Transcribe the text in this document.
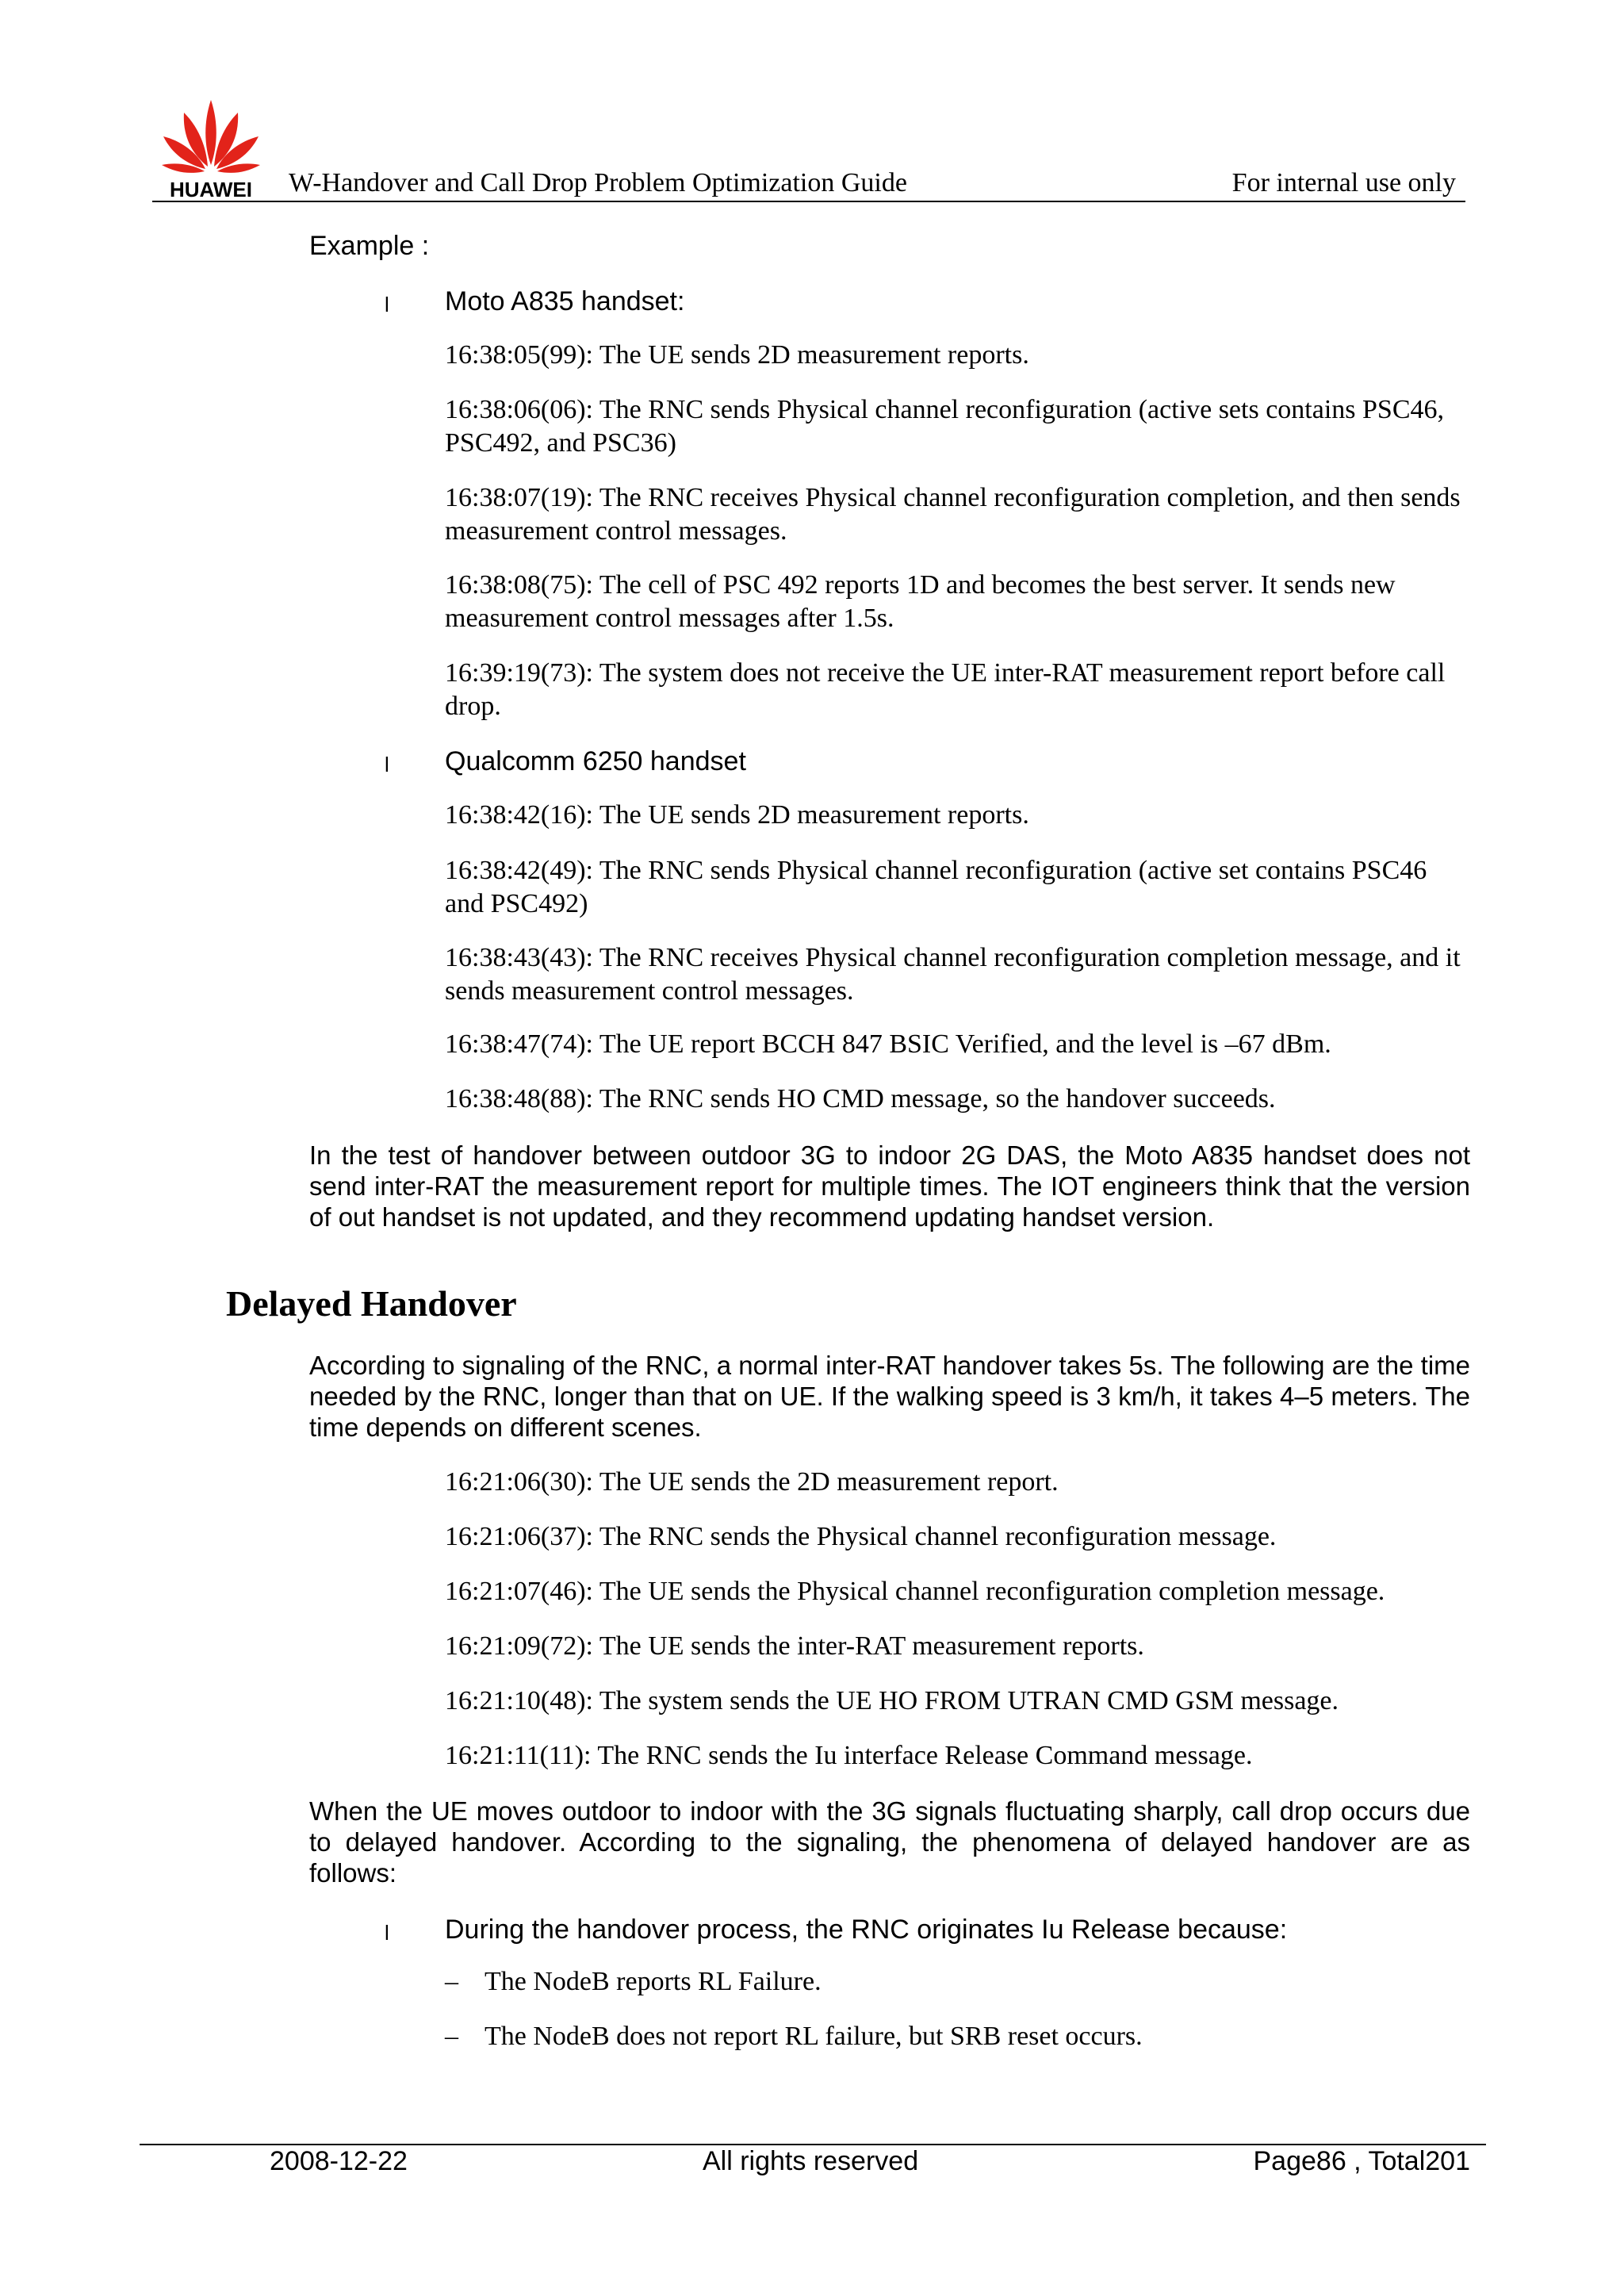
HUAWEI W-Handover and Call Drop Problem Optimization Guide	For internal use only

Example :

l	Moto A835 handset:

16:38:05(99): The UE sends 2D measurement reports.

16:38:06(06): The RNC sends Physical channel reconfiguration (active sets contains PSC46, PSC492, and PSC36)

16:38:07(19): The RNC receives Physical channel reconfiguration completion, and then sends measurement control messages.

16:38:08(75): The cell of PSC 492 reports 1D and becomes the best server. It sends new measurement control messages after 1.5s.

16:39:19(73): The system does not receive the UE inter-RAT measurement report before call drop.

l	Qualcomm 6250 handset

16:38:42(16): The UE sends 2D measurement reports.

16:38:42(49): The RNC sends Physical channel reconfiguration (active set contains PSC46 and PSC492)

16:38:43(43): The RNC receives Physical channel reconfiguration completion message, and it sends measurement control messages.

16:38:47(74): The UE report BCCH 847 BSIC Verified, and the level is –67 dBm.

16:38:48(88): The RNC sends HO CMD message, so the handover succeeds.

In the test of handover between outdoor 3G to indoor 2G DAS, the Moto A835 handset does not send inter-RAT the measurement report for multiple times. The IOT engineers think that the version of out handset is not updated, and they recommend updating handset version.

Delayed Handover

According to signaling of the RNC, a normal inter-RAT handover takes 5s. The following are the time needed by the RNC, longer than that on UE. If the walking speed is 3 km/h, it takes 4–5 meters. The time depends on different scenes.

16:21:06(30): The UE sends the 2D measurement report.

16:21:06(37): The RNC sends the Physical channel reconfiguration message.

16:21:07(46): The UE sends the Physical channel reconfiguration completion message.

16:21:09(72): The UE sends the inter-RAT measurement reports.

16:21:10(48): The system sends the UE HO FROM UTRAN CMD GSM message.

16:21:11(11): The RNC sends the Iu interface Release Command message.

When the UE moves outdoor to indoor with the 3G signals fluctuating sharply, call drop occurs due to delayed handover. According to the signaling, the phenomena of delayed handover are as follows:

l	During the handover process, the RNC originates Iu Release because:
– The NodeB reports RL Failure.
– The NodeB does not report RL failure, but SRB reset occurs.
2008-12-22	All rights reserved	Page86 , Total201
